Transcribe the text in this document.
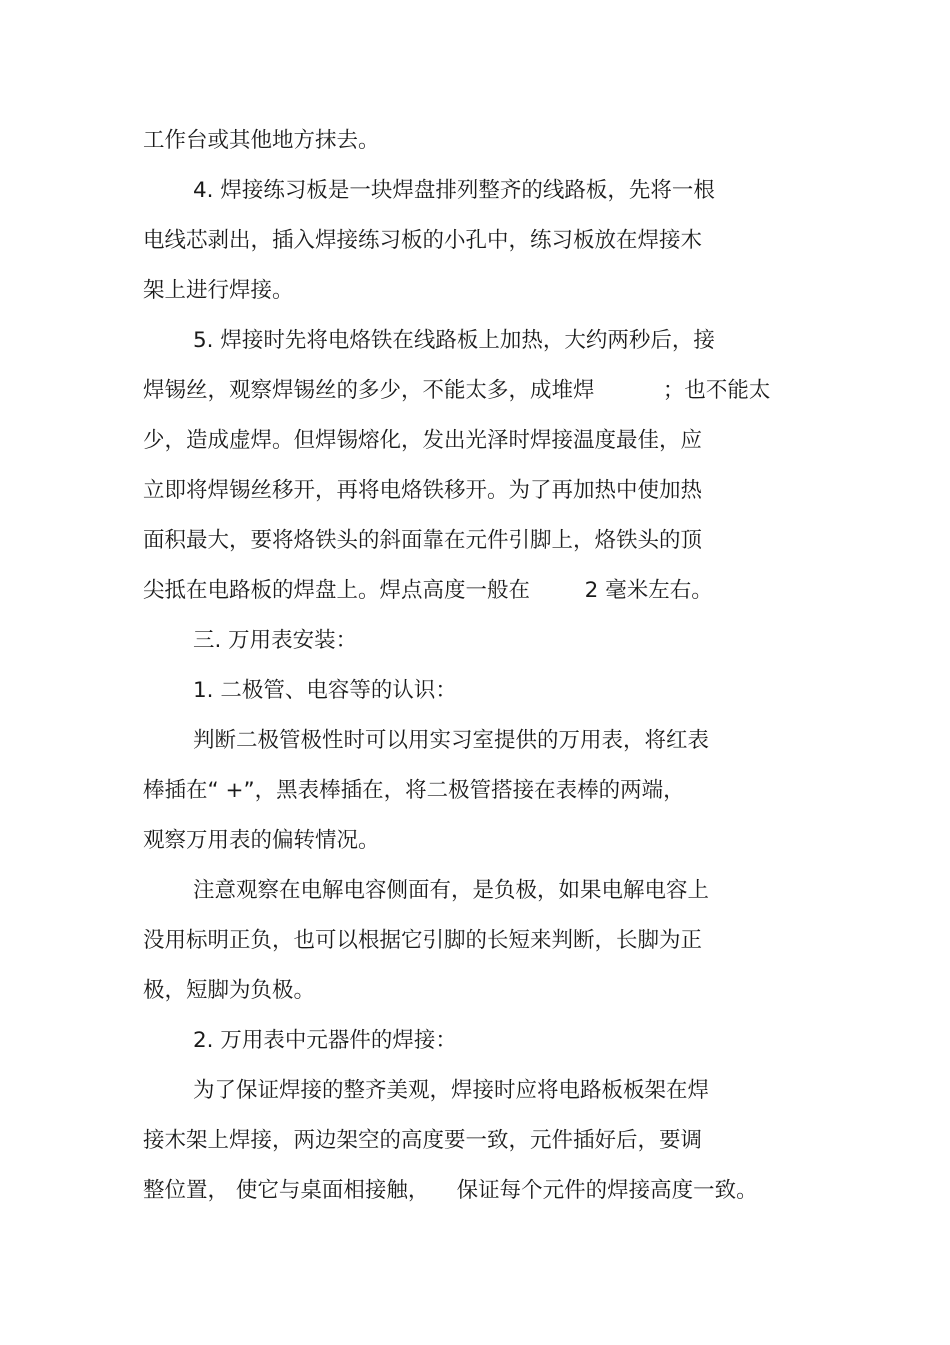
工作台或其他地方抹去。

4. 焊接练习板是一块焊盘排列整齐的线路板，先将一根

电线芯剥出，插入焊接练习板的小孔中，练习板放在焊接木

架上进行焊接。

5. 焊接时先将电烙铁在线路板上加热，大约两秒后，接

焊锡丝，观察焊锡丝的多少，不能太多，成堆焊          ；也不能太

少，造成虚焊。但焊锡熔化，发出光泽时焊接温度最佳，应

立即将焊锡丝移开，再将电烙铁移开。为了再加热中使加热

面积最大，要将烙铁头的斜面靠在元件引脚上，烙铁头的顶

尖抵在电路板的焊盘上。焊点高度一般在        2 毫米左右。

三. 万用表安装：

1. 二极管、电容等的认识：

判断二极管极性时可以用实习室提供的万用表，将红表

棒插在“ +”，黑表棒插在，将二极管搭接在表棒的两端，

观察万用表的偏转情况。

注意观察在电解电容侧面有，是负极，如果电解电容上

没用标明正负，也可以根据它引脚的长短来判断，长脚为正

极，短脚为负极。

2. 万用表中元器件的焊接：

为了保证焊接的整齐美观，焊接时应将电路板板架在焊

接木架上焊接，两边架空的高度要一致，元件插好后，要调

整位置， 使它与桌面相接触，    保证每个元件的焊接高度一致。
